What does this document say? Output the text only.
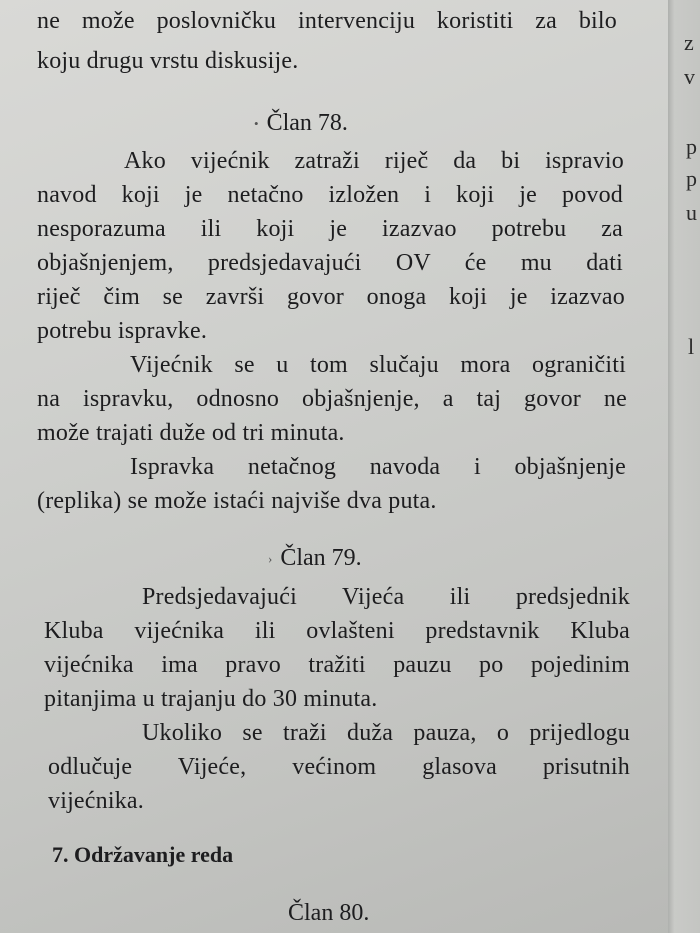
ne može poslovničku intervenciju koristiti za bilo
koju drugu vrstu diskusije.
• Član 78.
Ako vijećnik zatraži riječ da bi ispravio
navod koji je netačno izložen i koji je povod
nesporazuma ili koji je izazvao potrebu za
objašnjenjem, predsjedavajući OV će mu dati
riječ čim se završi govor onoga koji je izazvao
potrebu ispravke.
Vijećnik se u tom slučaju mora ograničiti
na ispravku, odnosno objašnjenje, a taj govor ne
može trajati duže od tri minuta.
Ispravka netačnog navoda i objašnjenje
(replika) se može istaći najviše dva puta.
› Član 79.
Predsjedavajući Vijeća ili predsjednik
Kluba vijećnika ili ovlašteni predstavnik Kluba
vijećnika ima pravo tražiti pauzu po pojedinim
pitanjima u trajanju do 30 minuta.
Ukoliko se traži duža pauza, o prijedlogu
odlučuje Vijeće, većinom glasova prisutnih
vijećnika.
7. Održavanje reda
Član 80.
z
v
p
p
u
l
